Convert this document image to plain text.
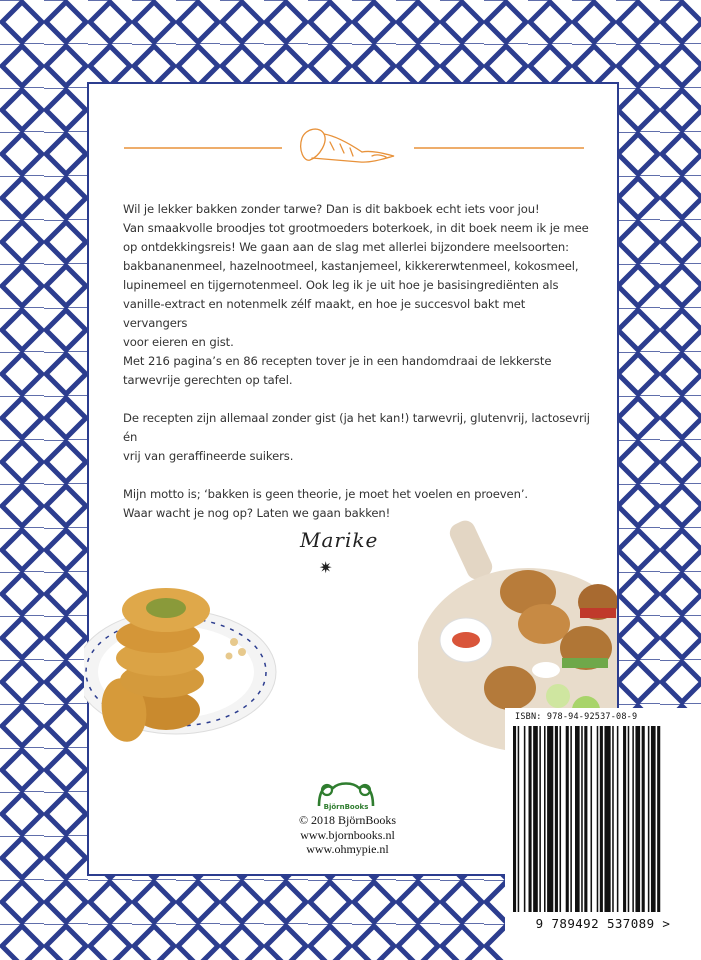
Wil je lekker bakken zonder tarwe? Dan is dit bakboek echt iets voor jou!
Van smaakvolle broodjes tot grootmoeders boterkoek, in dit boek neem ik je mee
op ontdekkingsreis! We gaan aan de slag met allerlei bijzondere meelsoorten:
bakbananenmeel, hazelnootmeel, kastanjemeel, kikkererwtenmeel, kokosmeel,
lupinemeel en tijgernotenmeel. Ook leg ik je uit hoe je basisingrediënten als
vanille-extract en notenmelk zélf maakt, en hoe je succesvol bakt met vervangers
voor eieren en gist.
Met 216 pagina’s en 86 recepten tover je in een handomdraai de lekkerste
tarwevrije gerechten op tafel.

De recepten zijn allemaal zonder gist (ja het kan!) tarwevrij, glutenvrij, lactosevrij én
vrij van geraffineerde suikers.

Mijn motto is; ‘bakken is geen theorie, je moet het voelen en proeven’.
Waar wacht je nog op? Laten we gaan bakken!

Marike
✷
BjörnBooks
© 2018 BjörnBooks
www.bjornbooks.nl
www.ohmypie.nl
ISBN: 978-94-92537-08-9
9 789492 537089 >
